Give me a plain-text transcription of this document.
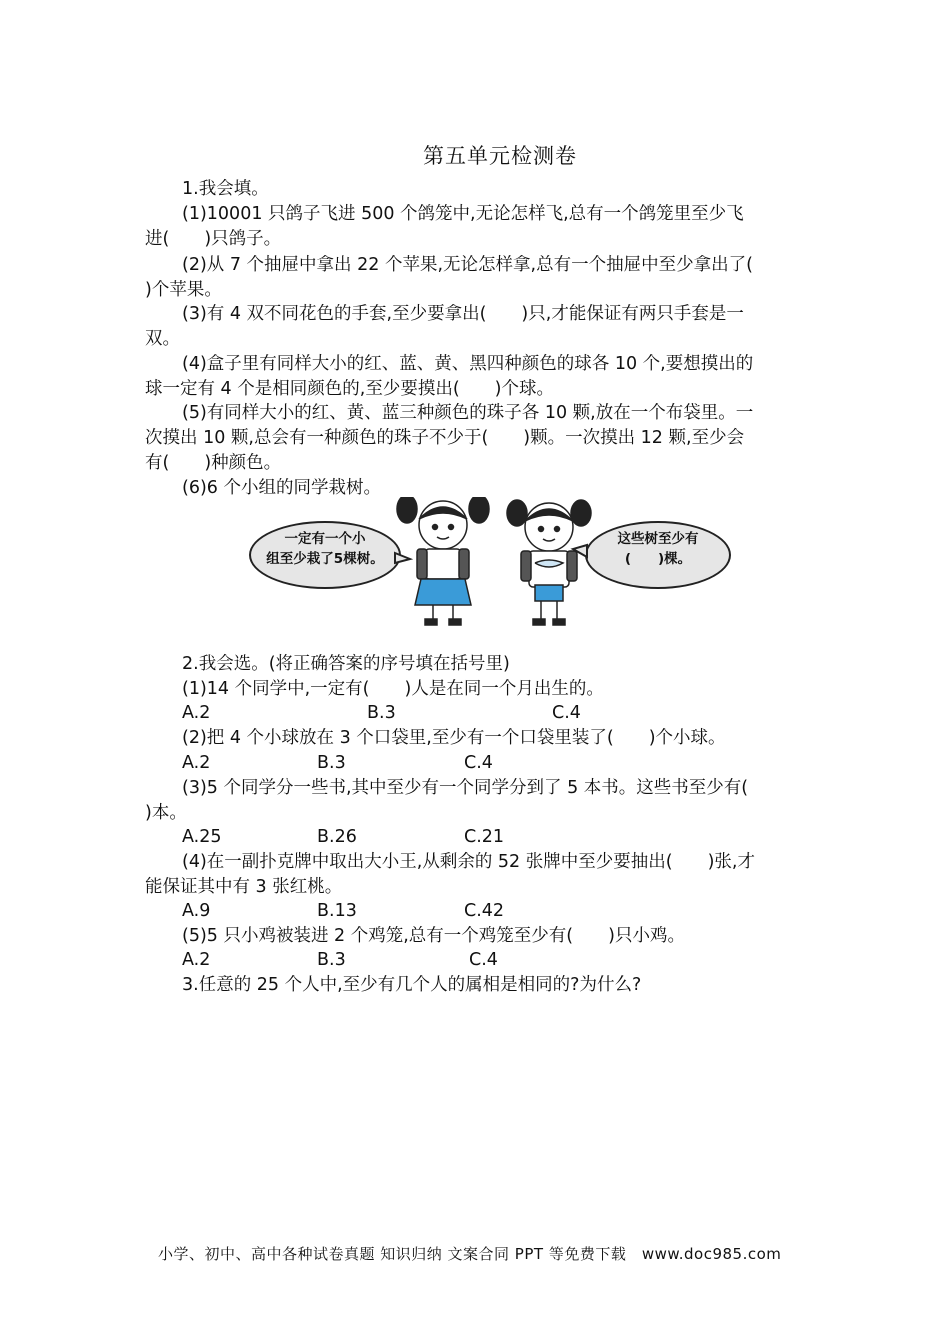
第五单元检测卷
1.我会填。
(1)10001 只鸽子飞进 500 个鸽笼中,无论怎样飞,总有一个鸽笼里至少飞
进(　　)只鸽子。
(2)从 7 个抽屉中拿出 22 个苹果,无论怎样拿,总有一个抽屉中至少拿出了(
)个苹果。
(3)有 4 双不同花色的手套,至少要拿出(　　)只,才能保证有两只手套是一
双。
(4)盒子里有同样大小的红、蓝、黄、黑四种颜色的球各 10 个,要想摸出的
球一定有 4 个是相同颜色的,至少要摸出(　　)个球。
(5)有同样大小的红、黄、蓝三种颜色的珠子各 10 颗,放在一个布袋里。一
次摸出 10 颗,总会有一种颜色的珠子不少于(　　)颗。一次摸出 12 颗,至少会
有(　　)种颜色。
(6)6 个小组的同学栽树。
一定有一个小
组至少栽了5棵树。
这些树至少有
(　　)棵。
2.我会选。(将正确答案的序号填在括号里)
(1)14 个同学中,一定有(　　)人是在同一个月出生的。
A.2	B.3	C.4
(2)把 4 个小球放在 3 个口袋里,至少有一个口袋里装了(　　)个小球。
A.2	B.3	C.4
(3)5 个同学分一些书,其中至少有一个同学分到了 5 本书。这些书至少有(
)本。
A.25	B.26	C.21
(4)在一副扑克牌中取出大小王,从剩余的 52 张牌中至少要抽出(　　)张,才
能保证其中有 3 张红桃。
A.9	B.13	C.42
(5)5 只小鸡被装进 2 个鸡笼,总有一个鸡笼至少有(　　)只小鸡。
A.2	B.3	C.4
3.任意的 25 个人中,至少有几个人的属相是相同的?为什么?
小学、初中、高中各种试卷真题 知识归纳 文案合同 PPT 等免费下载　www.doc985.com
